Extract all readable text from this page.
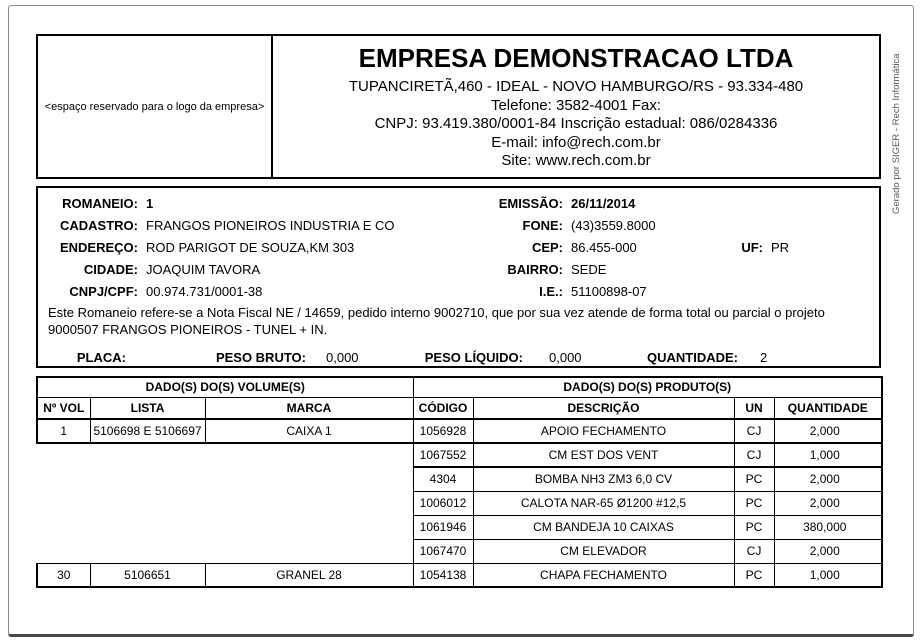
<espaço reservado para o logo da empresa>
EMPRESA DEMONSTRACAO LTDA
TUPANCIRETÃ,460 - IDEAL - NOVO HAMBURGO/RS - 93.334-480
Telefone: 3582-4001 Fax:
CNPJ: 93.419.380/0001-84 Inscrição estadual: 086/0284336
E-mail: info@rech.com.br
Site: www.rech.com.br	Gerado por SIGER - Rech Informática
ROMANEIO: 1	EMISSÃO: 26/11/2014
CADASTRO: FRANGOS PIONEIROS INDUSTRIA E CO	FONE: (43)3559.8000
ENDEREÇO: ROD PARIGOT DE SOUZA,KM 303	CEP: 86.455-000	UF: PR
CIDADE: JOAQUIM TAVORA	BAIRRO: SEDE
CNPJ/CPF: 00.974.731/0001-38	I.E.: 51100898-07
Este Romaneio refere-se a Nota Fiscal NE / 14659, pedido interno 9002710, que por sua vez atende de forma total ou parcial o projeto 9000507 FRANGOS PIONEIROS - TUNEL + IN.
PLACA:	PESO BRUTO: 0,000	PESO LÍQUIDO: 0,000	QUANTIDADE: 2
DADO(S) DO(S) VOLUME(S)			DADO(S) DO(S) PRODUTO(S)			
Nº VOL	LISTA	MARCA	CÓDIGO	DESCRIÇÃO	UN	QUANTIDADE
1	5106698 E 5106697	CAIXA 1	1056928	APOIO FECHAMENTO	CJ	2,000
			1067552	CM EST DOS VENT	CJ	1,000
			4304	BOMBA NH3 ZM3 6,0 CV	PC	2,000
			1006012	CALOTA NAR-65 Ø1200 #12,5	PC	2,000
			1061946	CM BANDEJA 10 CAIXAS	PC	380,000
			1067470	CM ELEVADOR	CJ	2,000
30	5106651	GRANEL 28	1054138	CHAPA FECHAMENTO	PC	1,000
